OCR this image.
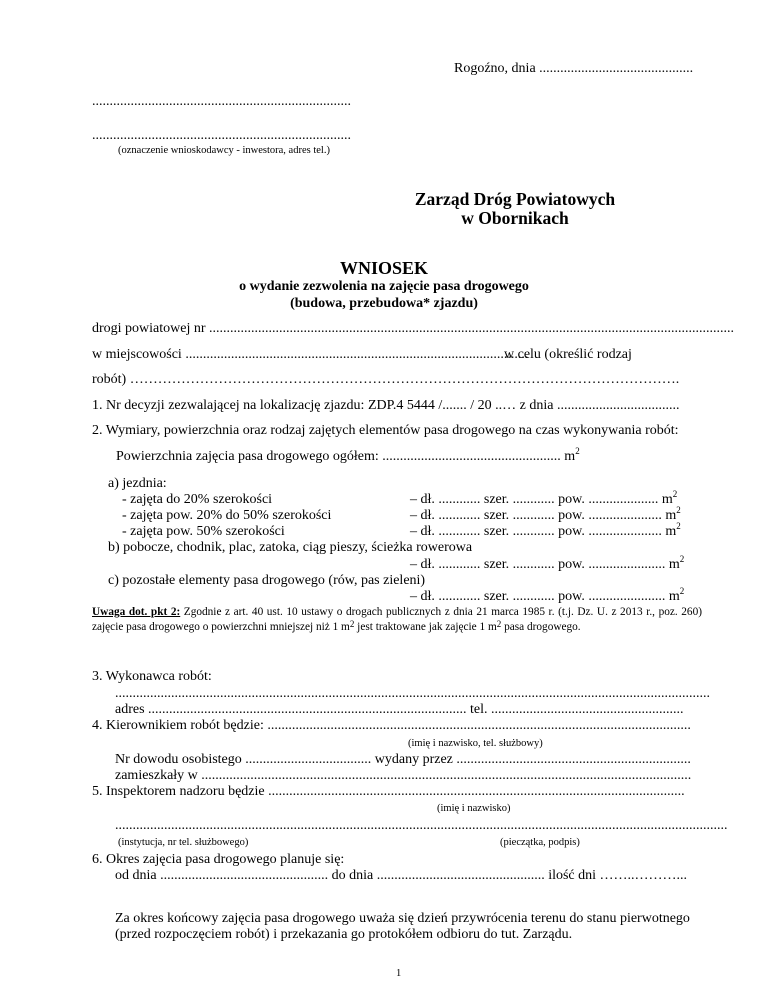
Rogoźno, dnia ............................................
..........................................................................
..........................................................................
(oznaczenie wnioskodawcy - inwestora, adres tel.)
Zarząd Dróg Powiatowych
w Obornikach
WNIOSEK
o wydanie zezwolenia na zajęcie pasa drogowego
(budowa, przebudowa* zjazdu)
drogi powiatowej nr ......................................................................................................................................................
w miejscowości ..................................................................................................
w celu (określić rodzaj
robót) ……………………………………………………………………………………………………….
1. Nr decyzji zezwalającej na lokalizację zjazdu: ZDP.4 5444 /....... / 20 ..… z dnia ...................................
2. Wymiary, powierzchnia oraz rodzaj zajętych elementów pasa drogowego na czas wykonywania robót:
Powierzchnia zajęcia pasa drogowego ogółem: ................................................... $m^2$
a) jezdnia:
- zajęta do 20% szerokości
- zajęta pow. 20% do 50% szerokości
- zajęta pow. 50% szerokości
– dł. ............ szer. ............ pow. .................... $m^2$
– dł. ............ szer. ............ pow. ..................... $m^2$
– dł. ............ szer. ............ pow. ..................... $m^2$
b) pobocze, chodnik, plac, zatoka, ciąg pieszy, ścieżka rowerowa
– dł. ............ szer. ............ pow. ...................... $m^2$
c) pozostałe elementy pasa drogowego (rów, pas zieleni)
– dł. ............ szer. ............ pow. ...................... $m^2$
Uwaga dot. pkt 2: Zgodnie z art. 40 ust. 10 ustawy o drogach publicznych z dnia 21 marca 1985 r. (t.j. Dz. U. z 2013 r., poz. 260) zajęcie pasa drogowego o powierzchni mniejszej niż 1 $m^2$ jest traktowane jak zajęcie 1 $m^2$ pasa drogowego.
3. Wykonawca robót:
..........................................................................................................................................................................
adres ........................................................................................... tel. .......................................................
4. Kierownikiem robót będzie: .........................................................................................................................
(imię i nazwisko, tel. służbowy)
Nr dowodu osobistego .................................... wydany przez ...................................................................
zamieszkały w ............................................................................................................................................
5. Inspektorem nadzoru będzie .......................................................................................................................
(imię i nazwisko)
...............................................................................................................................................................................
(instytucja, nr tel. służbowego)	(pieczątka, podpis)
6. Okres zajęcia pasa drogowego planuje się:
od dnia ................................................ do dnia ................................................ ilość dni ……..………...
Za okres końcowy zajęcia pasa drogowego uważa się dzień przywrócenia terenu do stanu pierwotnego
(przed rozpoczęciem robót) i przekazania go protokółem odbioru do tut. Zarządu.
1
